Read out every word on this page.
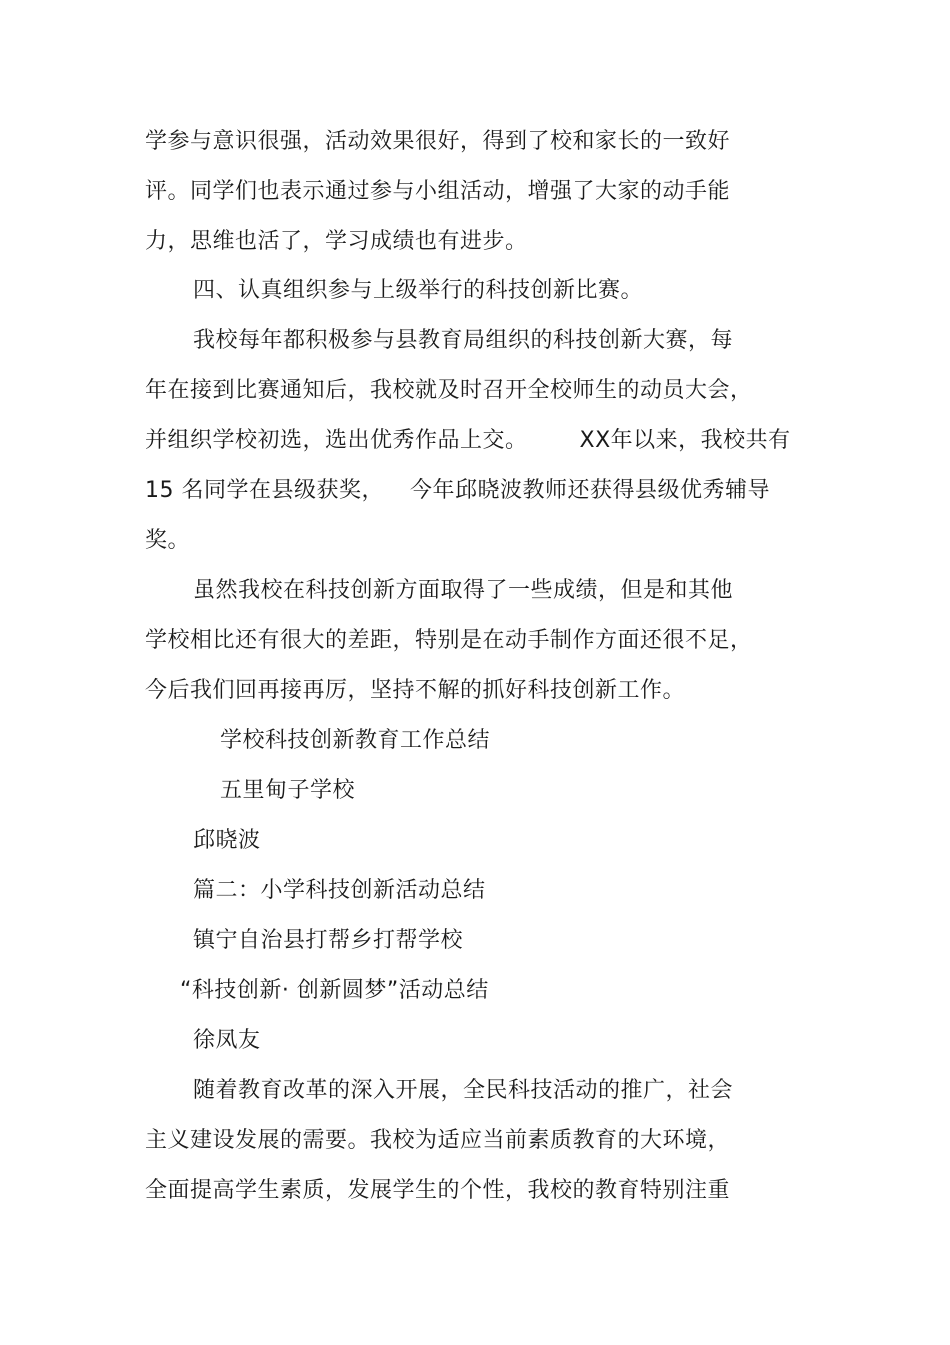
学参与意识很强，活动效果很好，得到了校和家长的一致好
评。同学们也表示通过参与小组活动，增强了大家的动手能
力，思维也活了，学习成绩也有进步。
四、认真组织参与上级举行的科技创新比赛。
我校每年都积极参与县教育局组织的科技创新大赛，每
年在接到比赛通知后，我校就及时召开全校师生的动员大会，
并组织学校初选，选出优秀作品上交。 XX年以来，我校共有
15 名同学在县级获奖， 今年邱晓波教师还获得县级优秀辅导
奖。
虽然我校在科技创新方面取得了一些成绩，但是和其他
学校相比还有很大的差距，特别是在动手制作方面还很不足，
今后我们回再接再厉，坚持不解的抓好科技创新工作。
学校科技创新教育工作总结
五里甸子学校
邱晓波
篇二：小学科技创新活动总结
镇宁自治县打帮乡打帮学校
“科技创新· 创新圆梦”活动总结
徐凤友
随着教育改革的深入开展，全民科技活动的推广，社会
主义建设发展的需要。我校为适应当前素质教育的大环境，
全面提高学生素质，发展学生的个性，我校的教育特别注重
